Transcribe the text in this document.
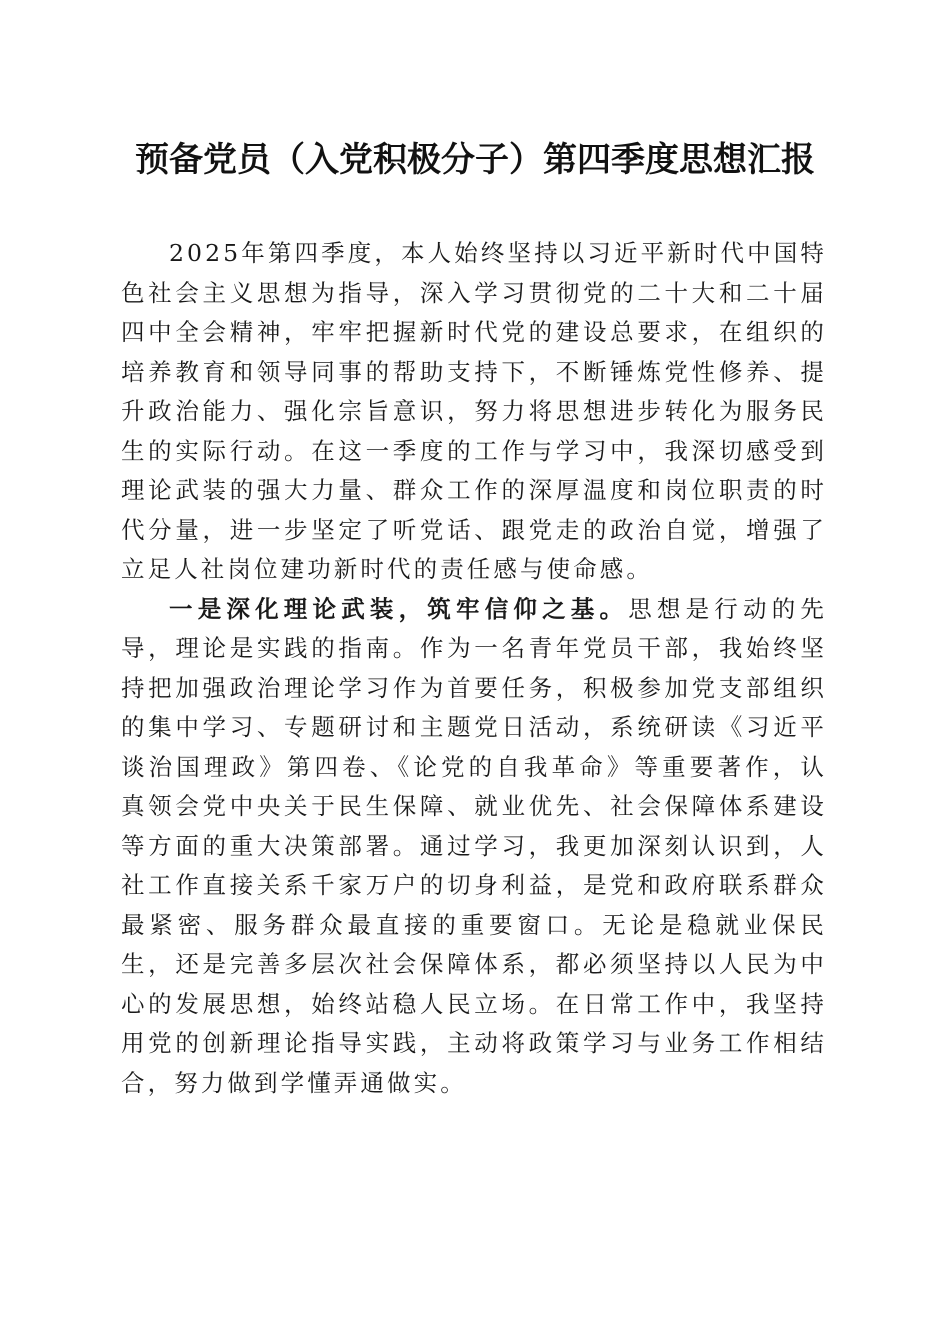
预备党员（入党积极分子）第四季度思想汇报

2025年第四季度，本人始终坚持以习近平新时代中国特色社会主义思想为指导，深入学习贯彻党的二十大和二十届四中全会精神，牢牢把握新时代党的建设总要求，在组织的培养教育和领导同事的帮助支持下，不断锤炼党性修养、提升政治能力、强化宗旨意识，努力将思想进步转化为服务民生的实际行动。在这一季度的工作与学习中，我深切感受到理论武装的强大力量、群众工作的深厚温度和岗位职责的时代分量，进一步坚定了听党话、跟党走的政治自觉，增强了立足人社岗位建功新时代的责任感与使命感。

一是深化理论武装，筑牢信仰之基。思想是行动的先导，理论是实践的指南。作为一名青年党员干部，我始终坚持把加强政治理论学习作为首要任务，积极参加党支部组织的集中学习、专题研讨和主题党日活动，系统研读《习近平谈治国理政》第四卷、《论党的自我革命》等重要著作，认真领会党中央关于民生保障、就业优先、社会保障体系建设等方面的重大决策部署。通过学习，我更加深刻认识到，人社工作直接关系千家万户的切身利益，是党和政府联系群众最紧密、服务群众最直接的重要窗口。无论是稳就业保民生，还是完善多层次社会保障体系，都必须坚持以人民为中心的发展思想，始终站稳人民立场。在日常工作中，我坚持用党的创新理论指导实践，主动将政策学习与业务工作相结合，努力做到学懂弄通做实。
